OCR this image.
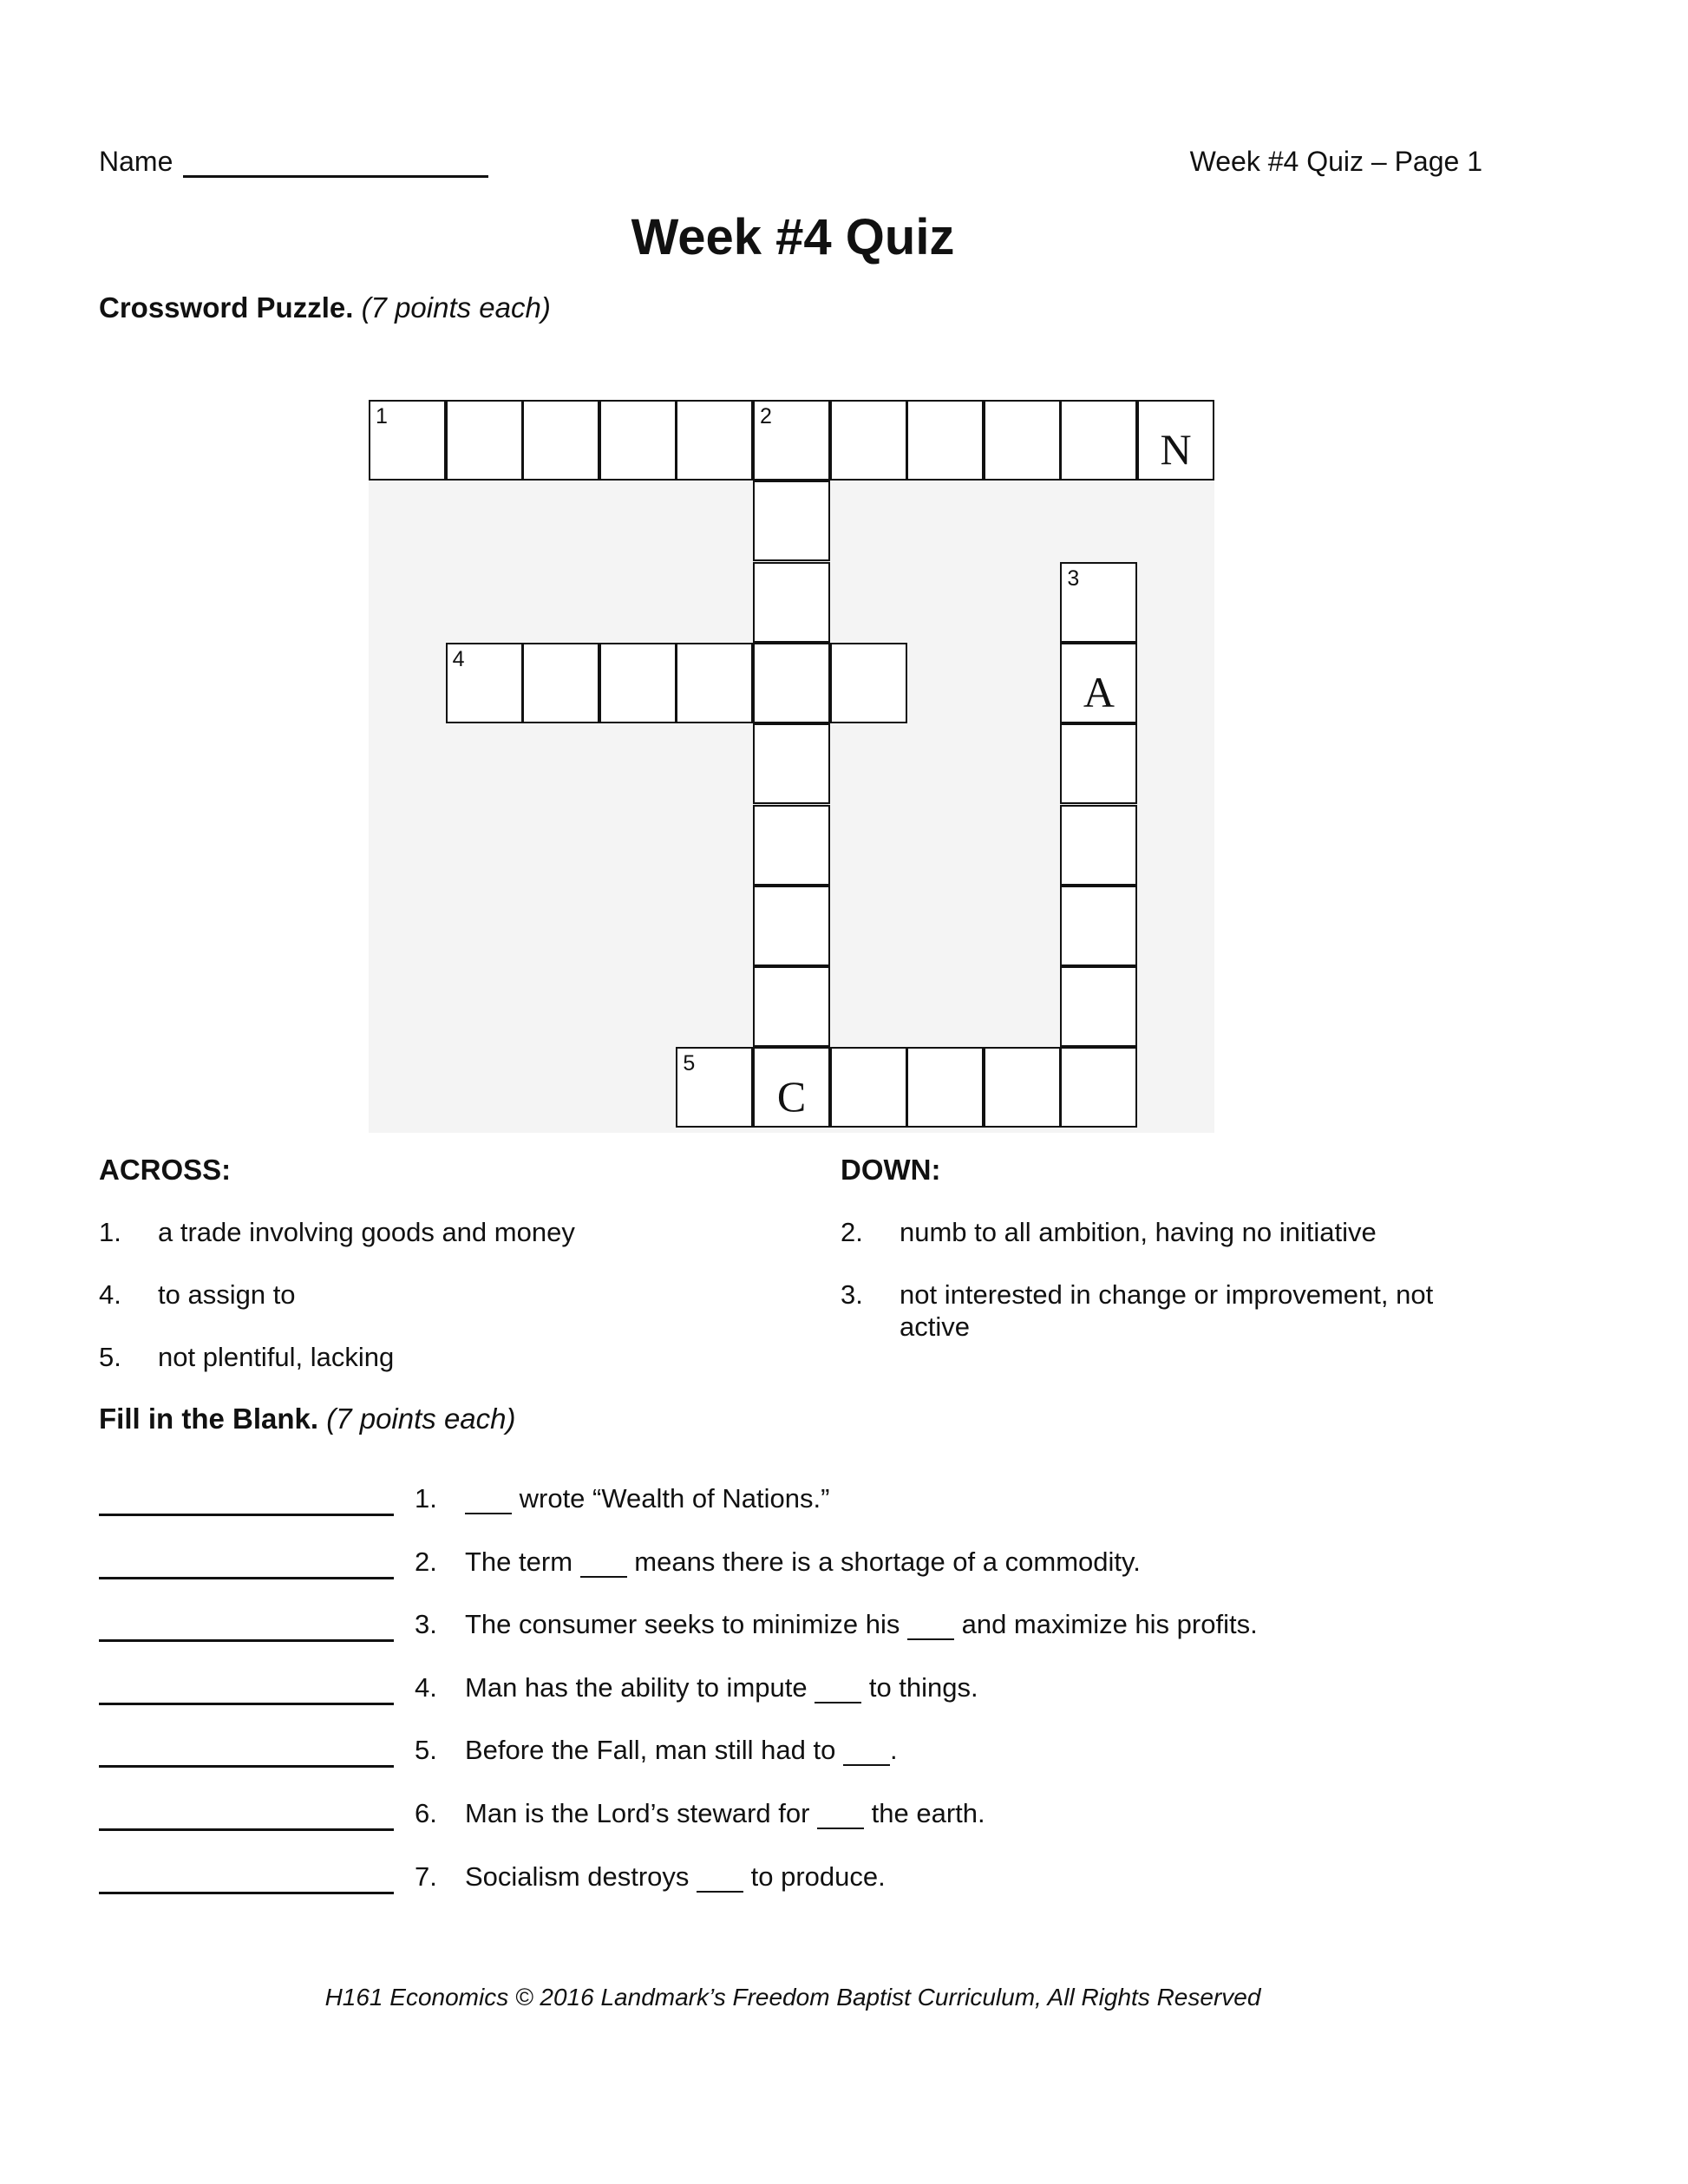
Name	Week #4 Quiz – Page 1
Week #4 Quiz
Crossword Puzzle. (7 points each)
1	2
N
C
4
3
A
5
ACROSS:	DOWN:
1. a trade involving goods and money
4. to assign to
5. not plentiful, lacking
2. numb to all ambition, having no initiative
3. not interested in change or improvement, not
active
Fill in the Blank. (7 points each)
1.	wrote “Wealth of Nations.”
2. The term  means there is a shortage of a commodity.
3. The consumer seeks to minimize his  and maximize his profits.
4. Man has the ability to impute  to things.
5. Before the Fall, man still had to .
6. Man is the Lord’s steward for  the earth.
7. Socialism destroys  to produce.
H161 Economics © 2016 Landmark’s Freedom Baptist Curriculum, All Rights Reserved
